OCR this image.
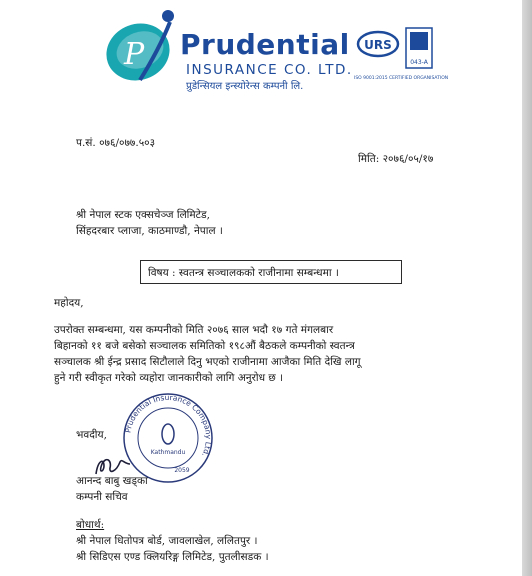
P Prudential
INSURANCE CO. LTD.
प्रुडेन्सियल इन्स्योरेन्स कम्पनी लि.
URS
043-A
ISO 9001:2015 CERTIFIED ORGANISATION
प.सं. ०७६/०७७.५०३
मिति: २०७६/०५/१७
श्री नेपाल स्टक एक्सचेञ्ज लिमिटेड,
सिंहदरबार प्लाजा, काठमाण्डौ, नेपाल ।
विषय : स्वतन्त्र सञ्चालकको राजीनामा सम्बन्धमा ।
महोदय,
उपरोक्त सम्बन्धमा, यस कम्पनीको मिति २०७६ साल भदौ १७ गते मंगलबार
बिहानको ११ बजे बसेको सञ्चालक समितिको १९८औं बैठकले कम्पनीको स्वतन्त्र
सञ्चालक श्री ईन्द्र प्रसाद सिटौलाले दिनु भएको राजीनामा आजैका मिति देखि लागू
हुने गरी स्वीकृत गरेको व्यहोरा जानकारीको लागि अनुरोध छ ।
भवदीय, Prudential Insurance Company Ltd.
Kathmandu
2059
आनन्द बाबु खड्का
कम्पनी सचिव
बोधार्थ:
श्री नेपाल धितोपत्र बोर्ड, जावलाखेल, ललितपुर ।
श्री सिडिएस एण्ड क्लियरिङ्ग लिमिटेड, पुतलीसडक ।
